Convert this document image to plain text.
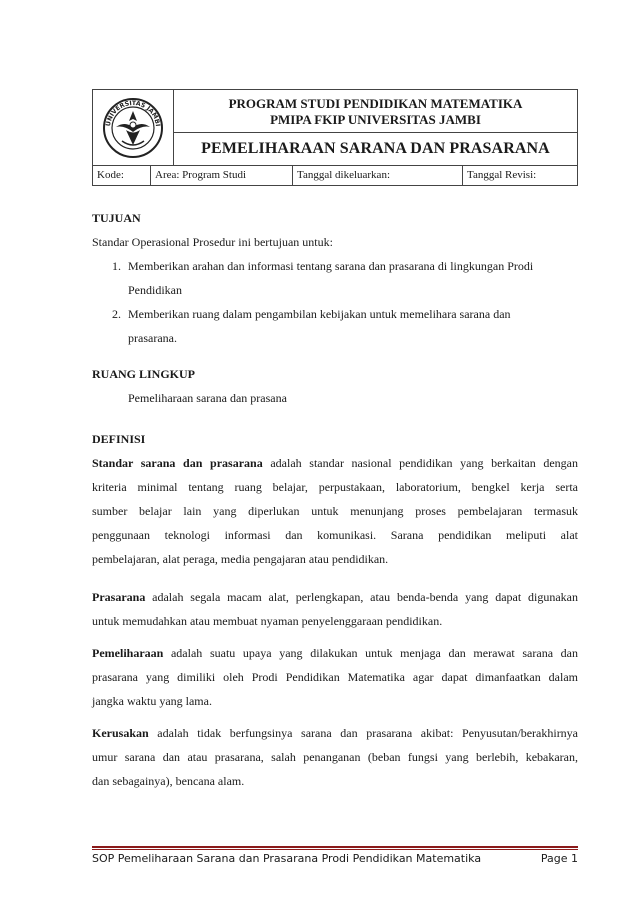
UNIVERSITAS JAMBI
PROGRAM STUDI PENDIDIKAN MATEMATIKA
PMIPA FKIP UNIVERSITAS JAMBI
PEMELIHARAAN SARANA DAN PRASARANA
Kode:	Area: Program Studi	Tanggal dikeluarkan:	Tanggal Revisi:
TUJUAN
Standar Operasional Prosedur ini bertujuan untuk:
1. Memberikan arahan dan informasi tentang sarana dan prasarana di lingkungan Prodi
Pendidikan
2. Memberikan ruang dalam pengambilan kebijakan untuk memelihara sarana dan
prasarana.
RUANG LINGKUP
Pemeliharaan sarana dan prasana
DEFINISI
Standar sarana dan prasarana adalah standar nasional pendidikan yang berkaitan dengan
kriteria minimal tentang ruang belajar, perpustakaan, laboratorium, bengkel kerja serta
sumber belajar lain yang diperlukan untuk menunjang proses pembelajaran termasuk
penggunaan teknologi informasi dan komunikasi. Sarana pendidikan meliputi alat
pembelajaran, alat peraga, media pengajaran atau pendidikan.
Prasarana adalah segala macam alat, perlengkapan, atau benda-benda yang dapat digunakan
untuk memudahkan atau membuat nyaman penyelenggaraan pendidikan.
Pemeliharaan adalah suatu upaya yang dilakukan untuk menjaga dan merawat sarana dan
prasarana yang dimiliki oleh Prodi Pendidikan Matematika agar dapat dimanfaatkan dalam
jangka waktu yang lama.
Kerusakan adalah tidak berfungsinya sarana dan prasarana akibat: Penyusutan/berakhirnya
umur sarana dan atau prasarana, salah penanganan (beban fungsi yang berlebih, kebakaran,
dan sebagainya), bencana alam.
SOP Pemeliharaan Sarana dan Prasarana Prodi Pendidikan Matematika	Page 1
